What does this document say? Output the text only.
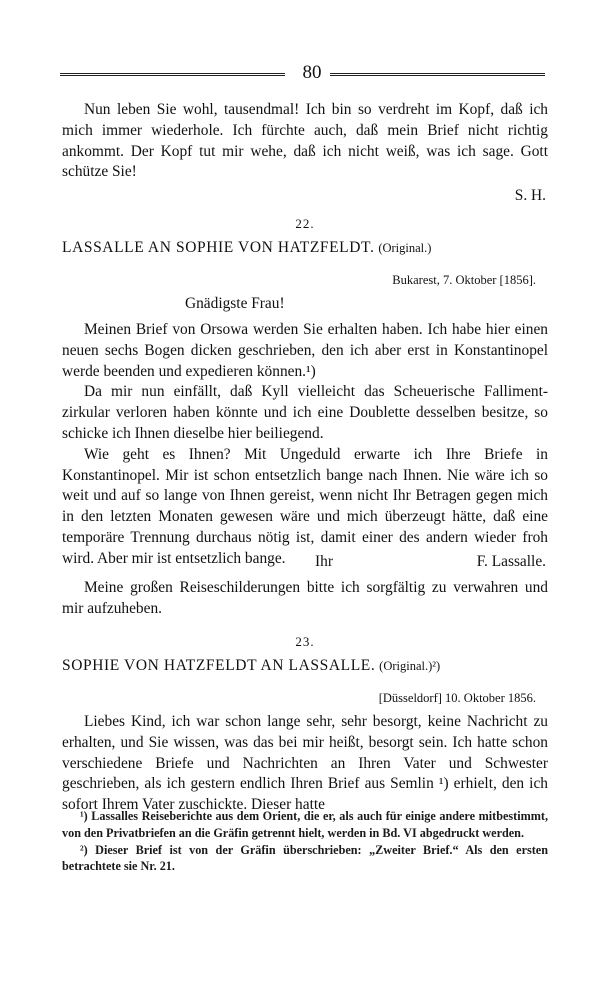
80

Nun leben Sie wohl, tausendmal! Ich bin so verdreht im Kopf, daß ich mich immer wiederhole. Ich fürchte auch, daß mein Brief nicht richtig ankommt. Der Kopf tut mir wehe, daß ich nicht weiß, was ich sage. Gott schütze Sie!

S. H.
22.
LASSALLE AN SOPHIE VON HATZFELDT. (Original.)
Bukarest, 7. Oktober [1856].
Gnädigste Frau!

Meinen Brief von Orsowa werden Sie erhalten haben. Ich habe hier einen neuen sechs Bogen dicken geschrieben, den ich aber erst in Konstantinopel werde beenden und expedieren können.¹)

Da mir nun einfällt, daß Kyll vielleicht das Scheuerische Falliment-zirkular verloren haben könnte und ich eine Doublette desselben besitze, so schicke ich Ihnen dieselbe hier beiliegend.

Wie geht es Ihnen? Mit Ungeduld erwarte ich Ihre Briefe in Konstantinopel. Mir ist schon entsetzlich bange nach Ihnen. Nie wäre ich so weit und auf so lange von Ihnen gereist, wenn nicht Ihr Betragen gegen mich in den letzten Monaten gewesen wäre und mich überzeugt hätte, daß eine temporäre Trennung durchaus nötig ist, damit einer des andern wieder froh wird. Aber mir ist entsetzlich bange.	Ihr	F. Lassalle.

Meine großen Reiseschilderungen bitte ich sorgfältig zu verwahren und mir aufzuheben.

23.
SOPHIE VON HATZFELDT AN LASSALLE. (Original.)²)
[Düsseldorf] 10. Oktober 1856.

Liebes Kind, ich war schon lange sehr, sehr besorgt, keine Nachricht zu erhalten, und Sie wissen, was das bei mir heißt, besorgt sein. Ich hatte schon verschiedene Briefe und Nachrichten an Ihren Vater und Schwester geschrieben, als ich gestern endlich Ihren Brief aus Semlin ¹) erhielt, den ich sofort Ihrem Vater zuschickte. Dieser hatte

¹) Lassalles Reiseberichte aus dem Orient, die er, als auch für einige andere mitbestimmt, von den Privatbriefen an die Gräfin getrennt hielt, werden in Bd. VI abgedruckt werden.

²) Dieser Brief ist von der Gräfin überschrieben: „Zweiter Brief.“ Als den ersten betrachtete sie Nr. 21.
